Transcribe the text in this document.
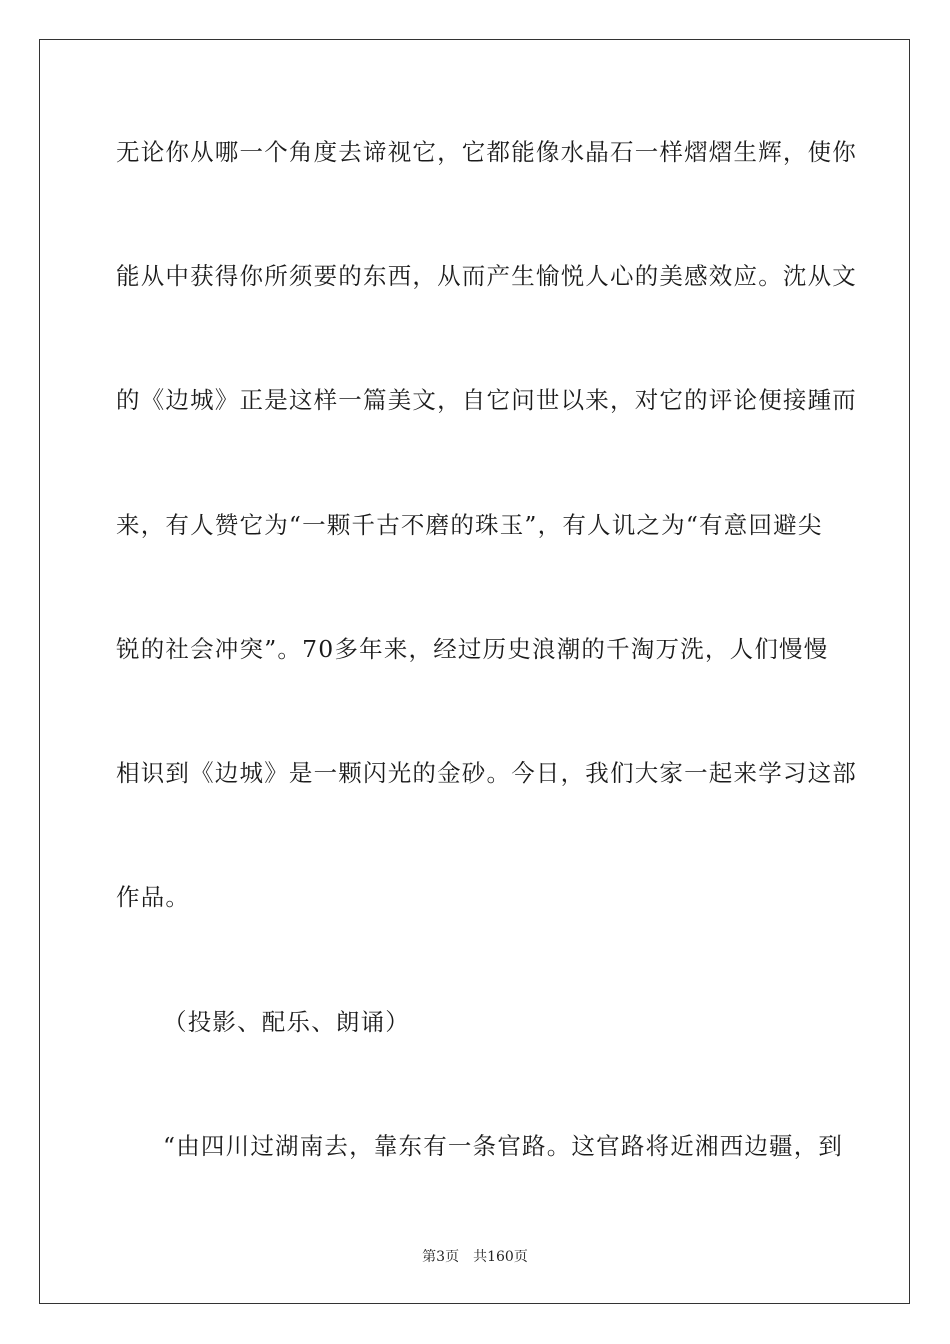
无论你从哪一个角度去谛视它，它都能像水晶石一样熠熠生辉，使你
能从中获得你所须要的东西，从而产生愉悦人心的美感效应。沈从文
的《边城》正是这样一篇美文，自它问世以来，对它的评论便接踵而
来，有人赞它为“一颗千古不磨的珠玉”，有人讥之为“有意回避尖
锐的社会冲突”。70多年来，经过历史浪潮的千淘万洗，人们慢慢
相识到《边城》是一颗闪光的金砂。今日，我们大家一起来学习这部
作品。
（投影、配乐、朗诵）
“由四川过湖南去，靠东有一条官路。这官路将近湘西边疆，到
第3页 共160页
